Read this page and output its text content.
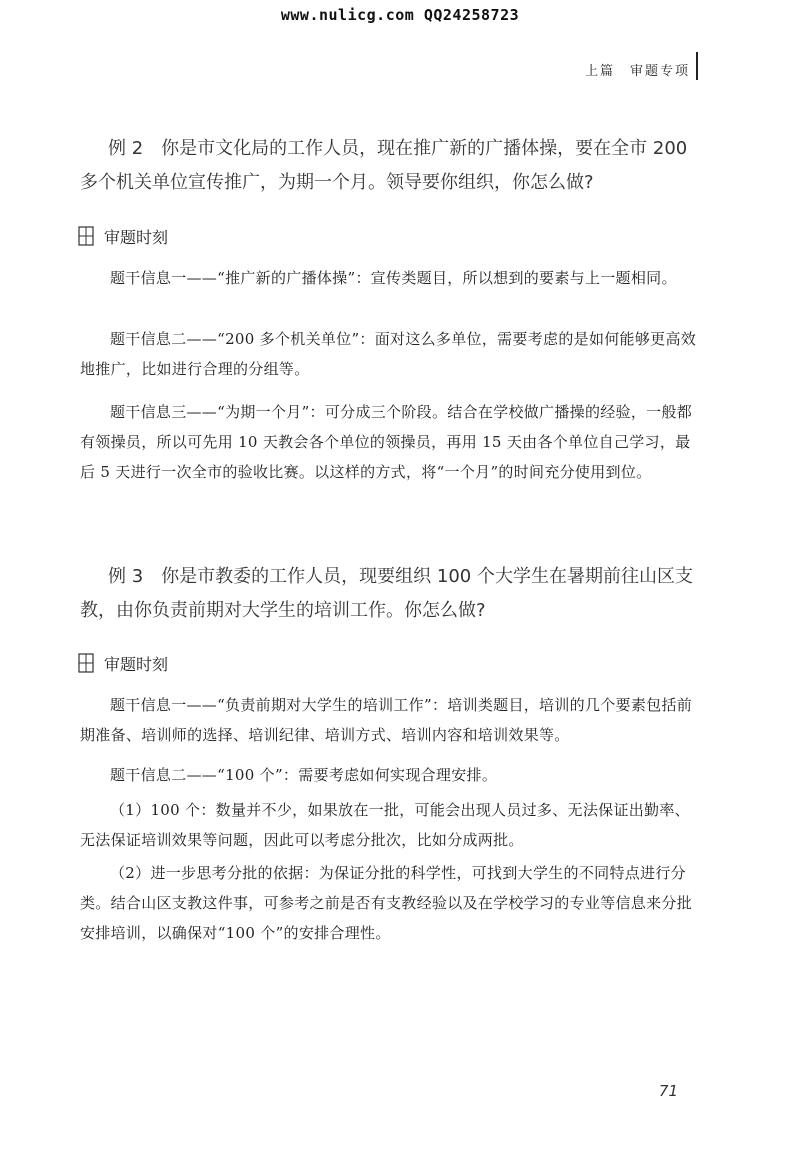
www.nulicg.com QQ24258723
上篇　审题专项

例 2　你是市文化局的工作人员，现在推广新的广播体操，要在全市 200 多个机关单位宣传推广，为期一个月。领导要你组织，你怎么做?

审题时刻

题干信息一——“推广新的广播体操”：宣传类题目，所以想到的要素与上一题相同。

题干信息二——“200 多个机关单位”：面对这么多单位，需要考虑的是如何能够更高效地推广，比如进行合理的分组等。

题干信息三——“为期一个月”：可分成三个阶段。结合在学校做广播操的经验，一般都有领操员，所以可先用 10 天教会各个单位的领操员，再用 15 天由各个单位自己学习，最后 5 天进行一次全市的验收比赛。以这样的方式，将“一个月”的时间充分使用到位。

例 3　你是市教委的工作人员，现要组织 100 个大学生在暑期前往山区支教，由你负责前期对大学生的培训工作。你怎么做?

审题时刻

题干信息一——“负责前期对大学生的培训工作”：培训类题目，培训的几个要素包括前期准备、培训师的选择、培训纪律、培训方式、培训内容和培训效果等。

题干信息二——“100 个”：需要考虑如何实现合理安排。

（1）100 个：数量并不少，如果放在一批，可能会出现人员过多、无法保证出勤率、无法保证培训效果等问题，因此可以考虑分批次，比如分成两批。

（2）进一步思考分批的依据：为保证分批的科学性，可找到大学生的不同特点进行分类。结合山区支教这件事，可参考之前是否有支教经验以及在学校学习的专业等信息来分批安排培训，以确保对“100 个”的安排合理性。

71
